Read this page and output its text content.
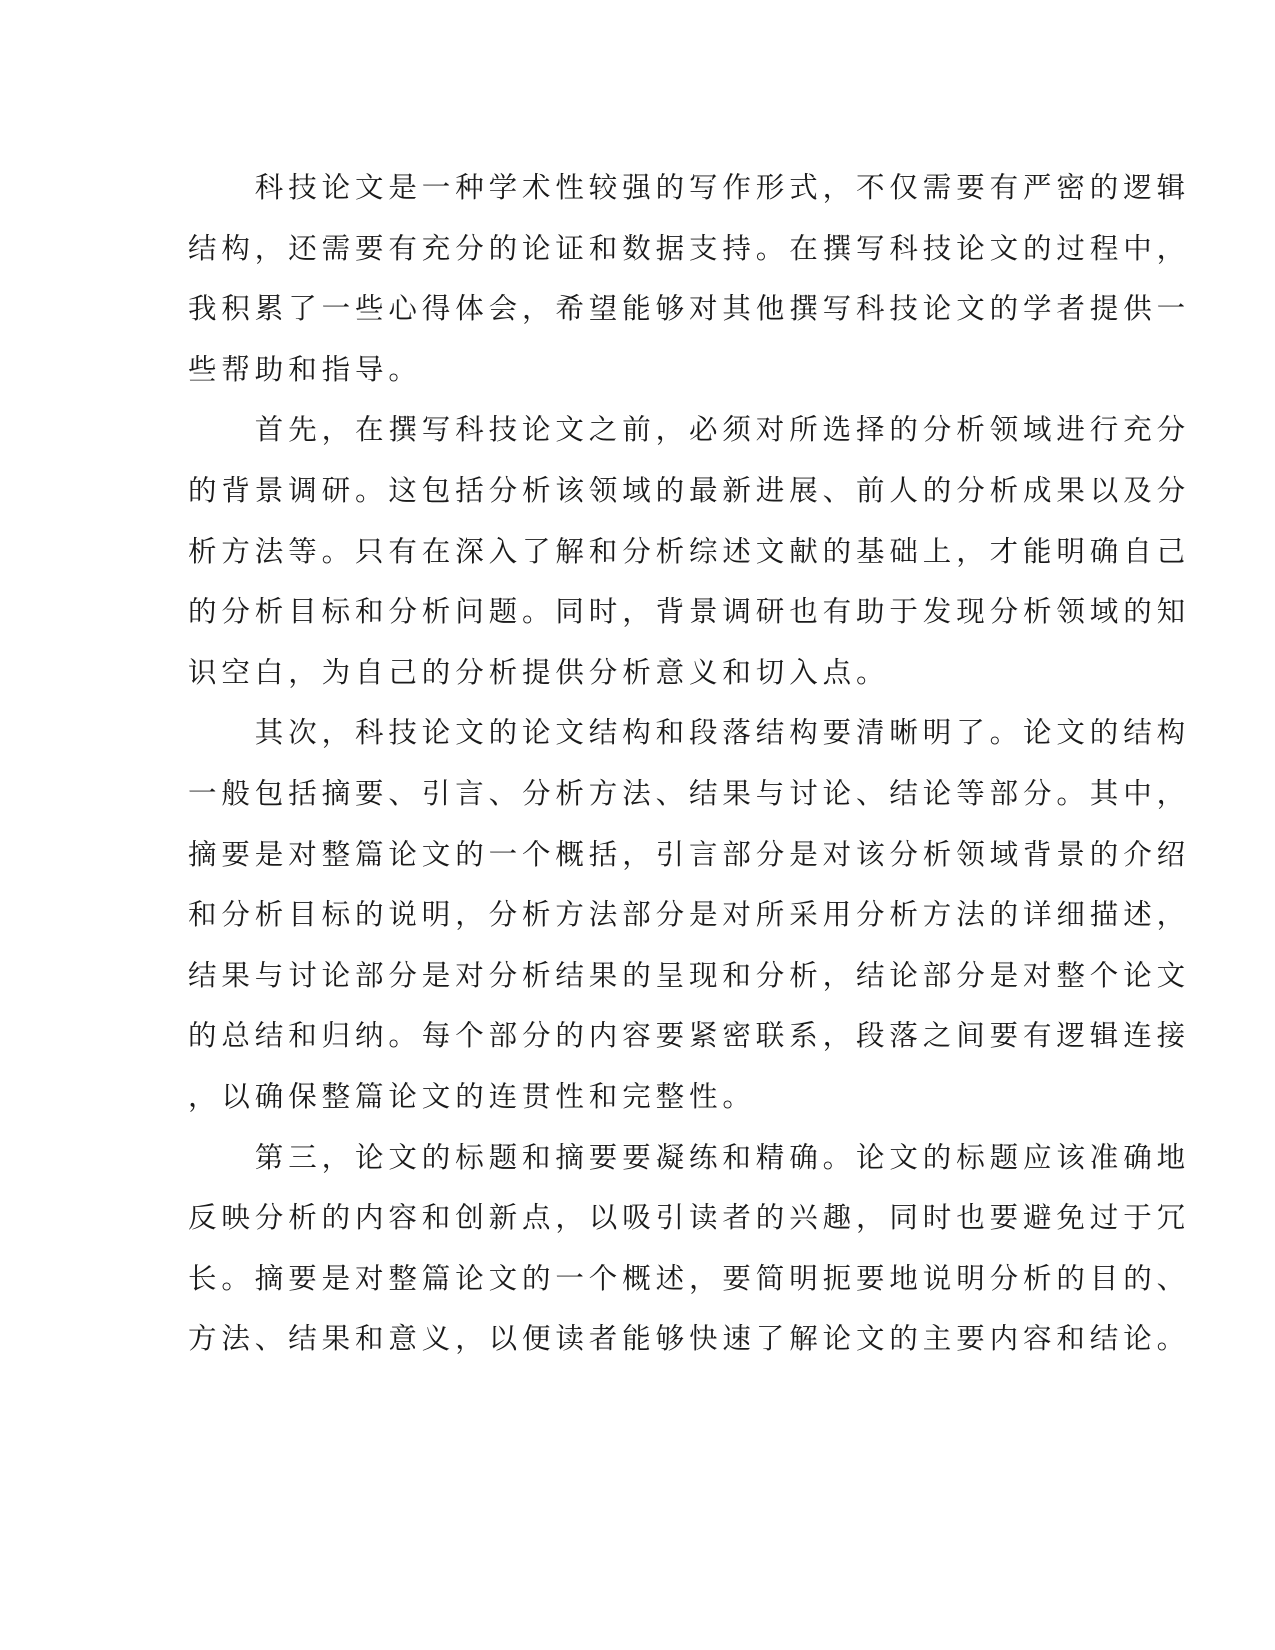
　　科技论文是一种学术性较强的写作形式，不仅需要有严密的逻辑
结构，还需要有充分的论证和数据支持。在撰写科技论文的过程中，
我积累了一些心得体会，希望能够对其他撰写科技论文的学者提供一
些帮助和指导。
　　首先，在撰写科技论文之前，必须对所选择的分析领域进行充分
的背景调研。这包括分析该领域的最新进展、前人的分析成果以及分
析方法等。只有在深入了解和分析综述文献的基础上，才能明确自己
的分析目标和分析问题。同时，背景调研也有助于发现分析领域的知
识空白，为自己的分析提供分析意义和切入点。
　　其次，科技论文的论文结构和段落结构要清晰明了。论文的结构
一般包括摘要、引言、分析方法、结果与讨论、结论等部分。其中，
摘要是对整篇论文的一个概括，引言部分是对该分析领域背景的介绍
和分析目标的说明，分析方法部分是对所采用分析方法的详细描述，
结果与讨论部分是对分析结果的呈现和分析，结论部分是对整个论文
的总结和归纳。每个部分的内容要紧密联系，段落之间要有逻辑连接
，以确保整篇论文的连贯性和完整性。
　　第三，论文的标题和摘要要凝练和精确。论文的标题应该准确地
反映分析的内容和创新点，以吸引读者的兴趣，同时也要避免过于冗
长。摘要是对整篇论文的一个概述，要简明扼要地说明分析的目的、
方法、结果和意义，以便读者能够快速了解论文的主要内容和结论。
